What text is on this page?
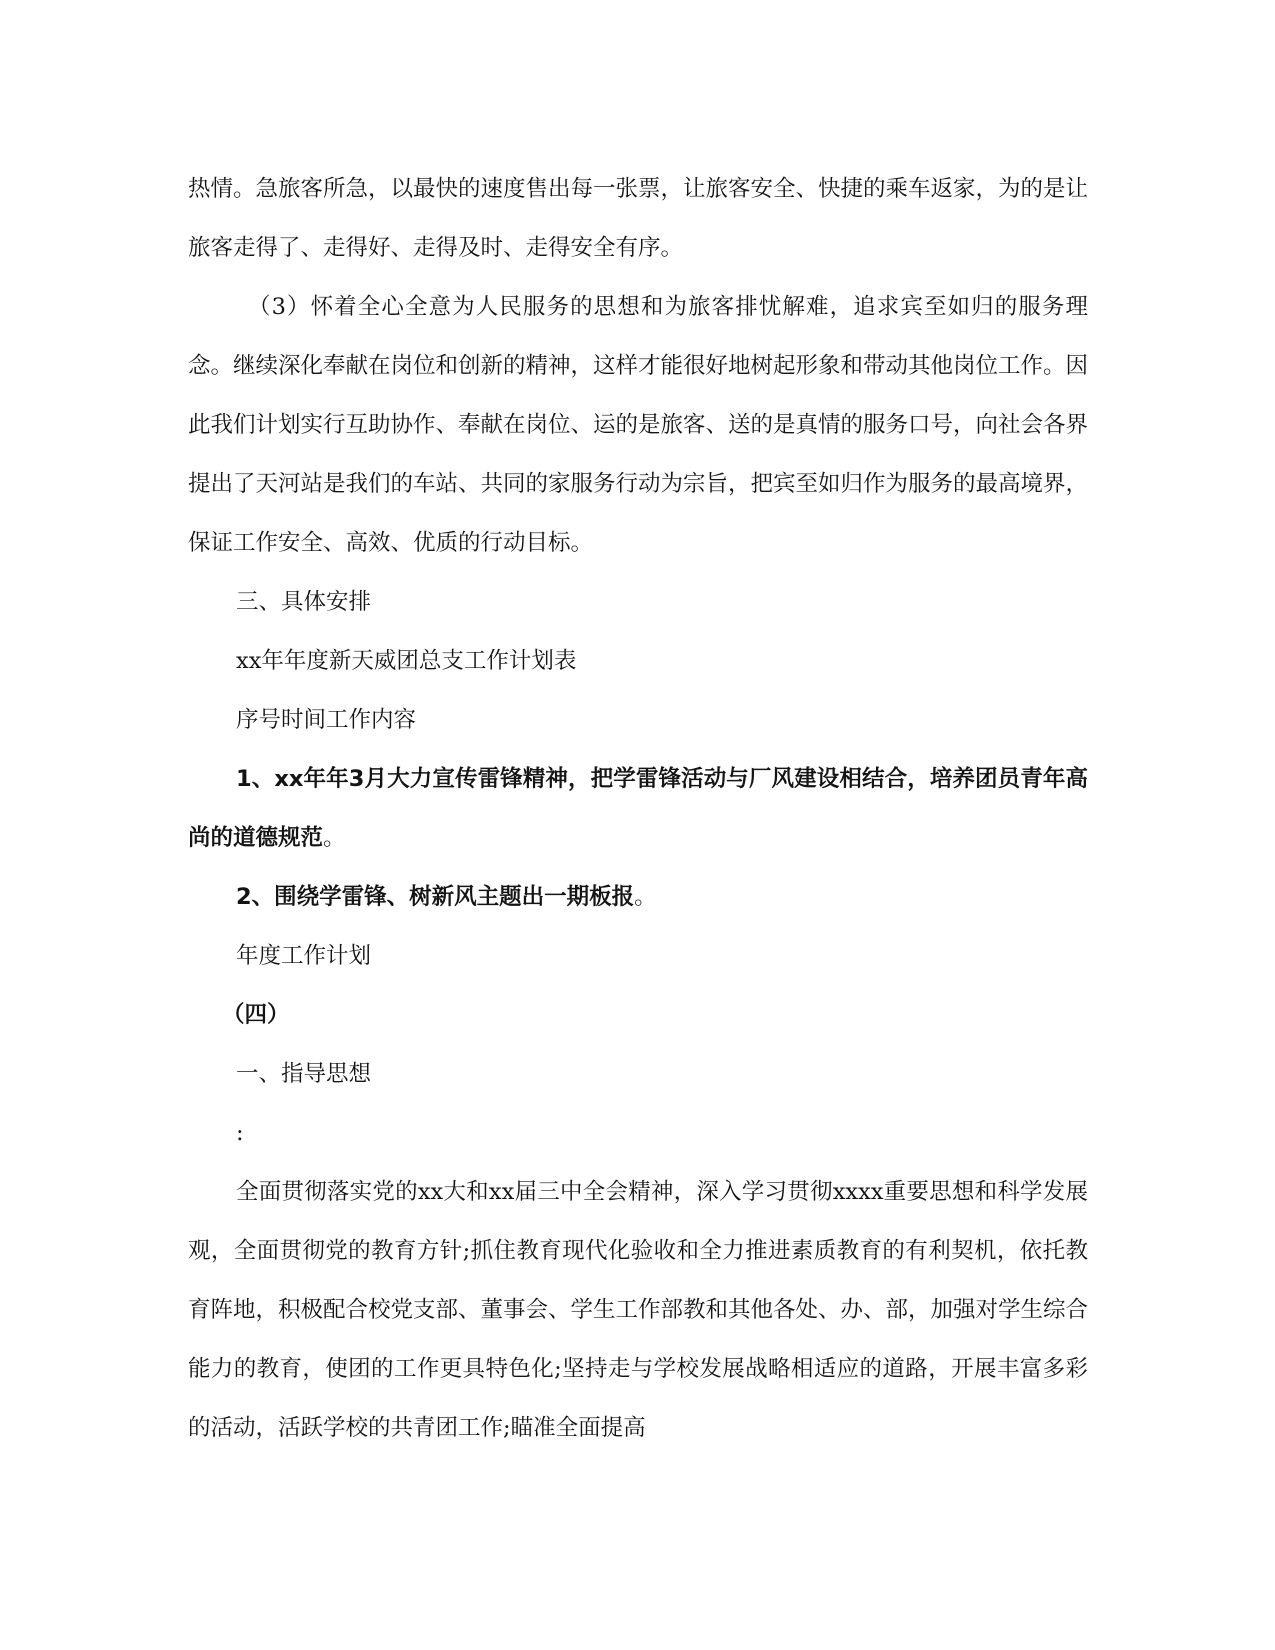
热情。急旅客所急，以最快的速度售出每一张票，让旅客安全、快捷的乘车返家，为的是让旅客走得了、走得好、走得及时、走得安全有序。

（3）怀着全心全意为人民服务的思想和为旅客排忧解难，追求宾至如归的服务理念。继续深化奉献在岗位和创新的精神，这样才能很好地树起形象和带动其他岗位工作。因此我们计划实行互助协作、奉献在岗位、运的是旅客、送的是真情的服务口号，向社会各界提出了天河站是我们的车站、共同的家服务行动为宗旨，把宾至如归作为服务的最高境界，保证工作安全、高效、优质的行动目标。

三、具体安排

xx年年度新天威团总支工作计划表

序号时间工作内容

1、xx年年3月大力宣传雷锋精神，把学雷锋活动与厂风建设相结合，培养团员青年高尚的道德规范。

2、围绕学雷锋、树新风主题出一期板报。

年度工作计划

（四）

一、指导思想

:

全面贯彻落实党的xx大和xx届三中全会精神，深入学习贯彻xxxx重要思想和科学发展观，全面贯彻党的教育方针;抓住教育现代化验收和全力推进素质教育的有利契机，依托教育阵地，积极配合校党支部、董事会、学生工作部教和其他各处、办、部，加强对学生综合能力的教育，使团的工作更具特色化;坚持走与学校发展战略相适应的道路，开展丰富多彩的活动，活跃学校的共青团工作;瞄准全面提高
